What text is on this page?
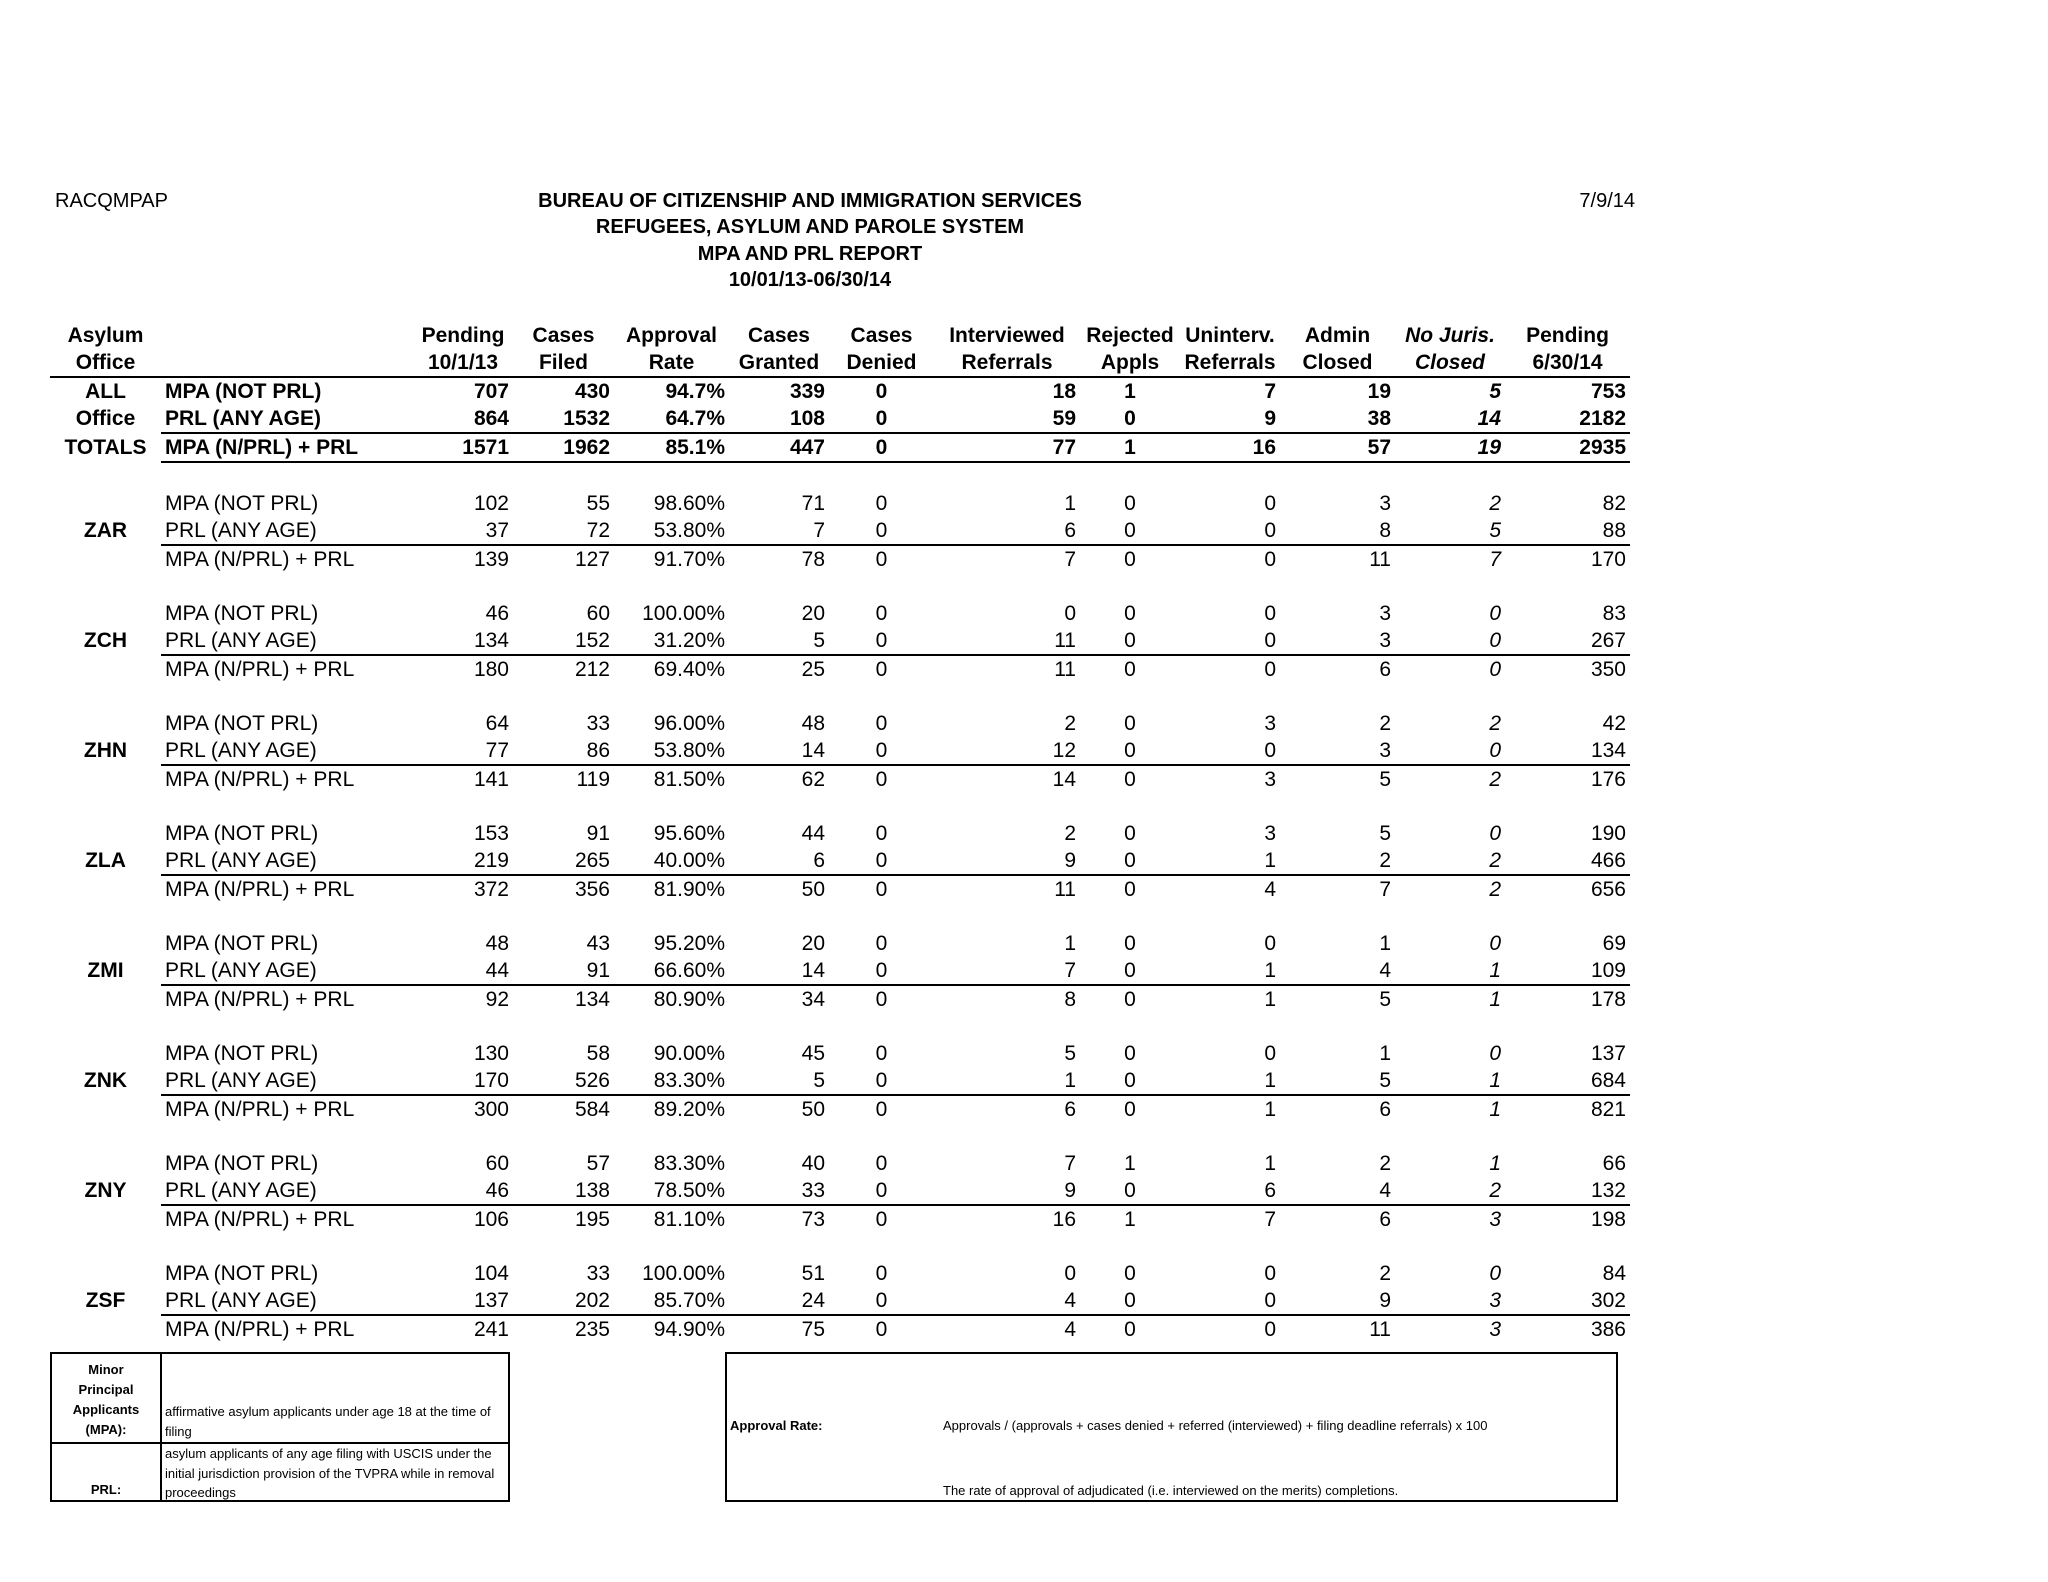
RACQMPAP	7/9/14
BUREAU OF CITIZENSHIP AND IMMIGRATION SERVICES
REFUGEES, ASYLUM AND PAROLE SYSTEM
MPA AND PRL REPORT
10/01/13-06/30/14
Asylum		Pending	Cases	Approval	Cases	Cases	Interviewed	Rejected	Uninterv.	Admin	No Juris.	Pending
Office		10/1/13	Filed	Rate	Granted	Denied	Referrals	Appls	Referrals	Closed	Closed	6/30/14
ALL	MPA (NOT PRL)	707	430	94.7%	339	0	18	1	7	19	5	753
Office	PRL (ANY AGE)	864	1532	64.7%	108	0	59	0	9	38	14	2182
TOTALS	MPA (N/PRL) + PRL	1571	1962	85.1%	447	0	77	1	16	57	19	2935

	MPA (NOT PRL)	102	55	98.60%	71	0	1	0	0	3	2	82
ZAR	PRL (ANY AGE)	37	72	53.80%	7	0	6	0	0	8	5	88
	MPA (N/PRL) + PRL	139	127	91.70%	78	0	7	0	0	11	7	170

	MPA (NOT PRL)	46	60	100.00%	20	0	0	0	0	3	0	83
ZCH	PRL (ANY AGE)	134	152	31.20%	5	0	11	0	0	3	0	267
	MPA (N/PRL) + PRL	180	212	69.40%	25	0	11	0	0	6	0	350

	MPA (NOT PRL)	64	33	96.00%	48	0	2	0	3	2	2	42
ZHN	PRL (ANY AGE)	77	86	53.80%	14	0	12	0	0	3	0	134
	MPA (N/PRL) + PRL	141	119	81.50%	62	0	14	0	3	5	2	176

	MPA (NOT PRL)	153	91	95.60%	44	0	2	0	3	5	0	190
ZLA	PRL (ANY AGE)	219	265	40.00%	6	0	9	0	1	2	2	466
	MPA (N/PRL) + PRL	372	356	81.90%	50	0	11	0	4	7	2	656

	MPA (NOT PRL)	48	43	95.20%	20	0	1	0	0	1	0	69
ZMI	PRL (ANY AGE)	44	91	66.60%	14	0	7	0	1	4	1	109
	MPA (N/PRL) + PRL	92	134	80.90%	34	0	8	0	1	5	1	178

	MPA (NOT PRL)	130	58	90.00%	45	0	5	0	0	1	0	137
ZNK	PRL (ANY AGE)	170	526	83.30%	5	0	1	0	1	5	1	684
	MPA (N/PRL) + PRL	300	584	89.20%	50	0	6	0	1	6	1	821

	MPA (NOT PRL)	60	57	83.30%	40	0	7	1	1	2	1	66
ZNY	PRL (ANY AGE)	46	138	78.50%	33	0	9	0	6	4	2	132
	MPA (N/PRL) + PRL	106	195	81.10%	73	0	16	1	7	6	3	198

	MPA (NOT PRL)	104	33	100.00%	51	0	0	0	0	2	0	84
ZSF	PRL (ANY AGE)	137	202	85.70%	24	0	4	0	0	9	3	302
	MPA (N/PRL) + PRL	241	235	94.90%	75	0	4	0	0	11	3	386
Minor
Principal
Applicants
(MPA):
affirmative asylum applicants under age 18 at the time of filing
PRL:
asylum applicants of any age filing with USCIS under the initial jurisdiction provision of the TVPRA while in removal proceedings
Approval Rate:	Approvals / (approvals + cases denied + referred (interviewed) + filing deadline referrals) x 100
The rate of approval of adjudicated (i.e. interviewed on the merits) completions.
